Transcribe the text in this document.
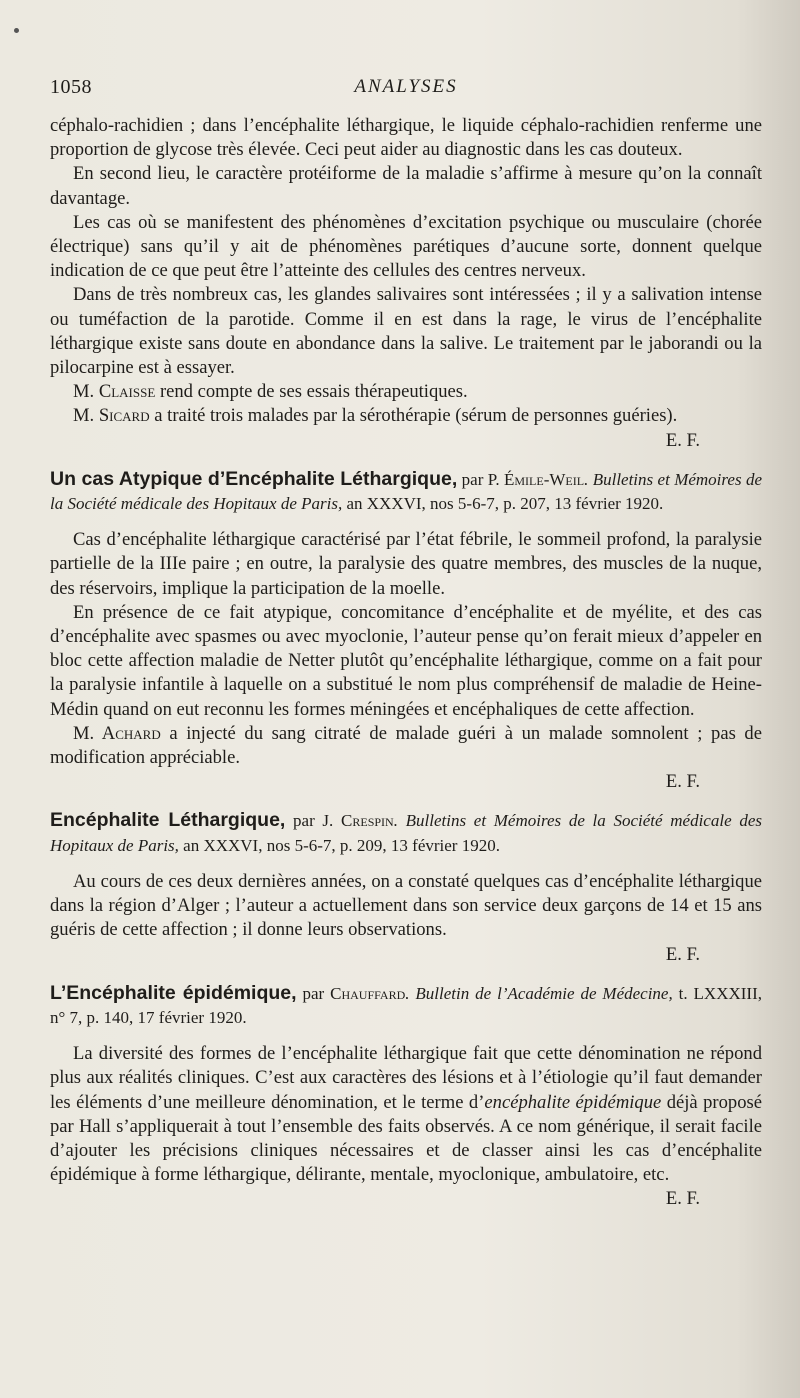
1058	ANALYSES

céphalo-rachidien ; dans l’encéphalite léthargique, le liquide céphalo-rachidien renferme une proportion de glycose très élevée. Ceci peut aider au diagnostic dans les cas douteux.

En second lieu, le caractère protéiforme de la maladie s’affirme à mesure qu’on la connaît davantage.

Les cas où se manifestent des phénomènes d’excitation psychique ou musculaire (chorée électrique) sans qu’il y ait de phénomènes parétiques d’aucune sorte, donnent quelque indication de ce que peut être l’atteinte des cellules des centres nerveux.

Dans de très nombreux cas, les glandes salivaires sont intéressées ; il y a salivation intense ou tuméfaction de la parotide. Comme il en est dans la rage, le virus de l’encéphalite léthargique existe sans doute en abondance dans la salive. Le traitement par le jaborandi ou la pilocarpine est à essayer.

M. Claisse rend compte de ses essais thérapeutiques.

M. Sicard a traité trois malades par la sérothérapie (sérum de personnes guéries).

E. F.

Un cas Atypique d’Encéphalite Léthargique, par P. Émile-Weil. Bulletins et Mémoires de la Société médicale des Hopitaux de Paris, an XXXVI, nos 5-6-7, p. 207, 13 février 1920.

Cas d’encéphalite léthargique caractérisé par l’état fébrile, le sommeil profond, la paralysie partielle de la IIIe paire ; en outre, la paralysie des quatre membres, des muscles de la nuque, des réservoirs, implique la participation de la moelle.

En présence de ce fait atypique, concomitance d’encéphalite et de myélite, et des cas d’encéphalite avec spasmes ou avec myoclonie, l’auteur pense qu’on ferait mieux d’appeler en bloc cette affection maladie de Netter plutôt qu’encéphalite léthargique, comme on a fait pour la paralysie infantile à laquelle on a substitué le nom plus compréhensif de maladie de Heine-Médin quand on eut reconnu les formes méningées et encéphaliques de cette affection.

M. Achard a injecté du sang citraté de malade guéri à un malade somnolent ; pas de modification appréciable.

E. F.

Encéphalite Léthargique, par J. Crespin. Bulletins et Mémoires de la Société médicale des Hopitaux de Paris, an XXXVI, nos 5-6-7, p. 209, 13 février 1920.

Au cours de ces deux dernières années, on a constaté quelques cas d’encéphalite léthargique dans la région d’Alger ; l’auteur a actuellement dans son service deux garçons de 14 et 15 ans guéris de cette affection ; il donne leurs observations.

E. F.

L’Encéphalite épidémique, par Chauffard. Bulletin de l’Académie de Médecine, t. LXXXIII, n° 7, p. 140, 17 février 1920.

La diversité des formes de l’encéphalite léthargique fait que cette dénomination ne répond plus aux réalités cliniques. C’est aux caractères des lésions et à l’étiologie qu’il faut demander les éléments d’une meilleure dénomination, et le terme d’encéphalite épidémique déjà proposé par Hall s’appliquerait à tout l’ensemble des faits observés. A ce nom générique, il serait facile d’ajouter les précisions cliniques nécessaires et de classer ainsi les cas d’encéphalite épidémique à forme léthargique, délirante, mentale, myoclonique, ambulatoire, etc.

E. F.
